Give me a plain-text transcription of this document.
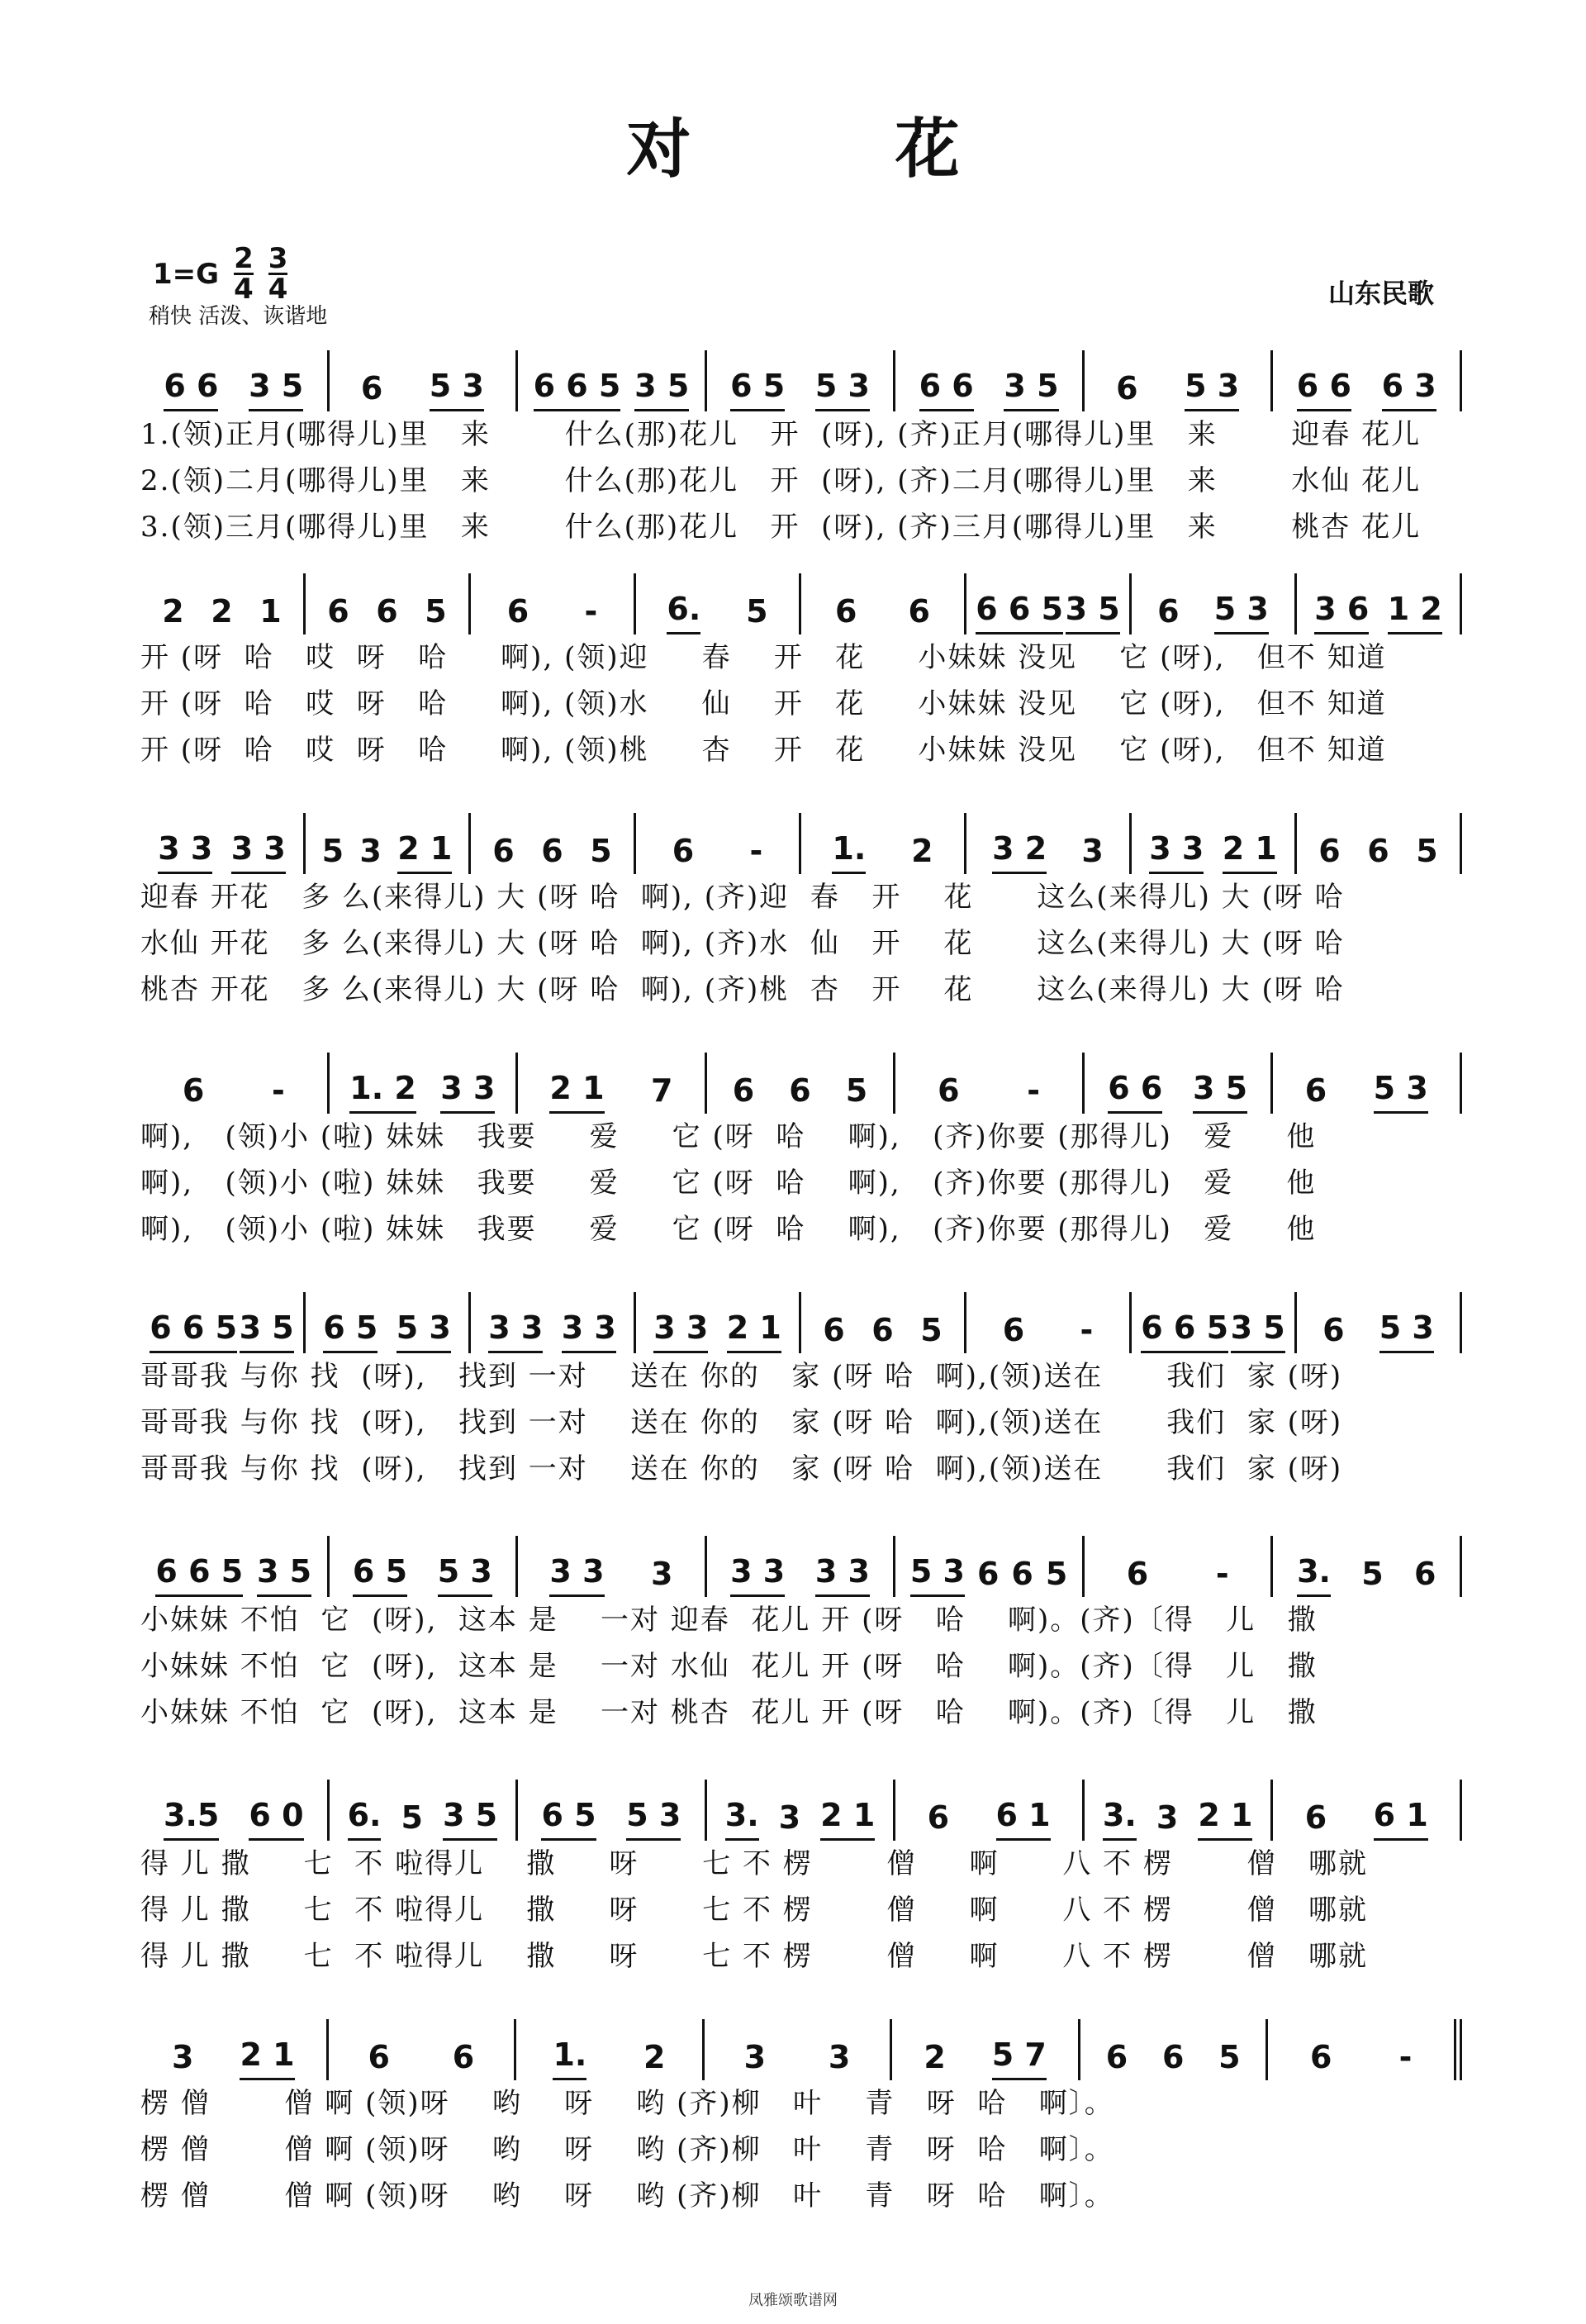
对 花
$1=G \frac{2}{4} \frac{3}{4}$
稍快 活泼、诙谐地
山东民歌
6 6 3 5 6 5 3 6 6 5 3 5 6 5 5 3 6 6 3 5 6 5 3 6 6 6 3
1.(领)正月(哪得儿)里   来       什么(那)花儿   开  (呀), (齐)正月(哪得儿)里   来       迎春 花儿
2.(领)二月(哪得儿)里   来       什么(那)花儿   开  (呀), (齐)二月(哪得儿)里   来       水仙 花儿
3.(领)三月(哪得儿)里   来       什么(那)花儿   开  (呀), (齐)三月(哪得儿)里   来       桃杏 花儿
2 2 1 6 6 5 6 - 6. 5 6 6 6 6 5 3 5 6 5 3 3 6 1 2
开 (呀  哈   哎  呀   哈     啊), (领)迎     春    开   花     小妹妹 没见    它 (呀),   但不 知道
开 (呀  哈   哎  呀   哈     啊), (领)水     仙    开   花     小妹妹 没见    它 (呀),   但不 知道
开 (呀  哈   哎  呀   哈     啊), (领)桃     杏    开   花     小妹妹 没见    它 (呀),   但不 知道
3 3 3 3 5 3 2 1 6 6 5 6 - 1. 2 3 2 3 3 3 2 1 6 6 5
迎春 开花   多 么(来得儿) 大 (呀 哈  啊), (齐)迎  春   开    花      这么(来得儿) 大 (呀 哈
水仙 开花   多 么(来得儿) 大 (呀 哈  啊), (齐)水  仙   开    花      这么(来得儿) 大 (呀 哈
桃杏 开花   多 么(来得儿) 大 (呀 哈  啊), (齐)桃  杏   开    花      这么(来得儿) 大 (呀 哈
6 - 1. 2 3 3 2 1 7 6 6 5 6 - 6 6 3 5 6 5 3
啊),   (领)小 (啦) 妹妹   我要     爱     它 (呀  哈    啊),   (齐)你要 (那得儿)   爱     他
啊),   (领)小 (啦) 妹妹   我要     爱     它 (呀  哈    啊),   (齐)你要 (那得儿)   爱     他
啊),   (领)小 (啦) 妹妹   我要     爱     它 (呀  哈    啊),   (齐)你要 (那得儿)   爱     他
6 6 5 3 5 6 5 5 3 3 3 3 3 3 3 2 1 6 6 5 6 - 6 6 5 3 5 6 5 3
哥哥我 与你 找  (呀),   找到 一对    送在 你的   家 (呀 哈  啊),(领)送在      我们  家 (呀)
哥哥我 与你 找  (呀),   找到 一对    送在 你的   家 (呀 哈  啊),(领)送在      我们  家 (呀)
哥哥我 与你 找  (呀),   找到 一对    送在 你的   家 (呀 哈  啊),(领)送在      我们  家 (呀)
6 6 5 3 5 6 5 5 3 3 3 3 3 3 3 3 5 3 6 6 5 6 - 3. 5 6
小妹妹 不怕  它  (呀),  这本 是    一对 迎春  花儿 开 (呀   哈    啊)。(齐)〔得   儿   撒
小妹妹 不怕  它  (呀),  这本 是    一对 水仙  花儿 开 (呀   哈    啊)。(齐)〔得   儿   撒
小妹妹 不怕  它  (呀),  这本 是    一对 桃杏  花儿 开 (呀   哈    啊)。(齐)〔得   儿   撒
3.5 6 0 6. 5 3 5 6 5 5 3 3. 3 2 1 6 6 1 3. 3 2 1 6 6 1
得 儿 撒     七  不 啦得儿    撒     呀      七 不 楞       僧     啊      八 不 楞       僧   哪就
得 儿 撒     七  不 啦得儿    撒     呀      七 不 楞       僧     啊      八 不 楞       僧   哪就
得 儿 撒     七  不 啦得儿    撒     呀      七 不 楞       僧     啊      八 不 楞       僧   哪就
3 2 1 6 6	1. 2	3 3 2 5 7 6 6 5 6 -
楞 僧       僧 啊 (领)呀    哟    呀    哟 (齐)柳   叶    青   呀  哈   啊〕。
楞 僧       僧 啊 (领)呀    哟    呀    哟 (齐)柳   叶    青   呀  哈   啊〕。
楞 僧       僧 啊 (领)呀    哟    呀    哟 (齐)柳   叶    青   呀  哈   啊〕。
凤雅颂歌谱网
